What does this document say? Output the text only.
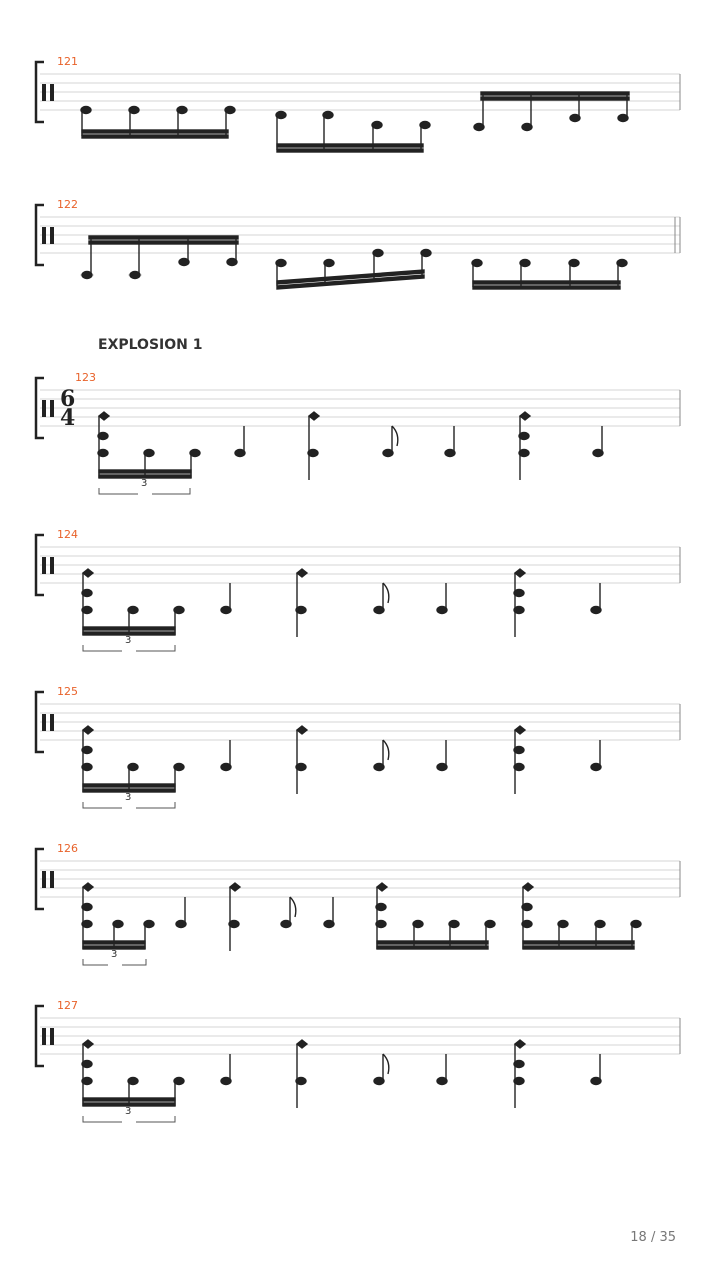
121
122
EXPLOSION 1
123
6
4
3
124
3
125
3
126
3
127
3
18 / 35
